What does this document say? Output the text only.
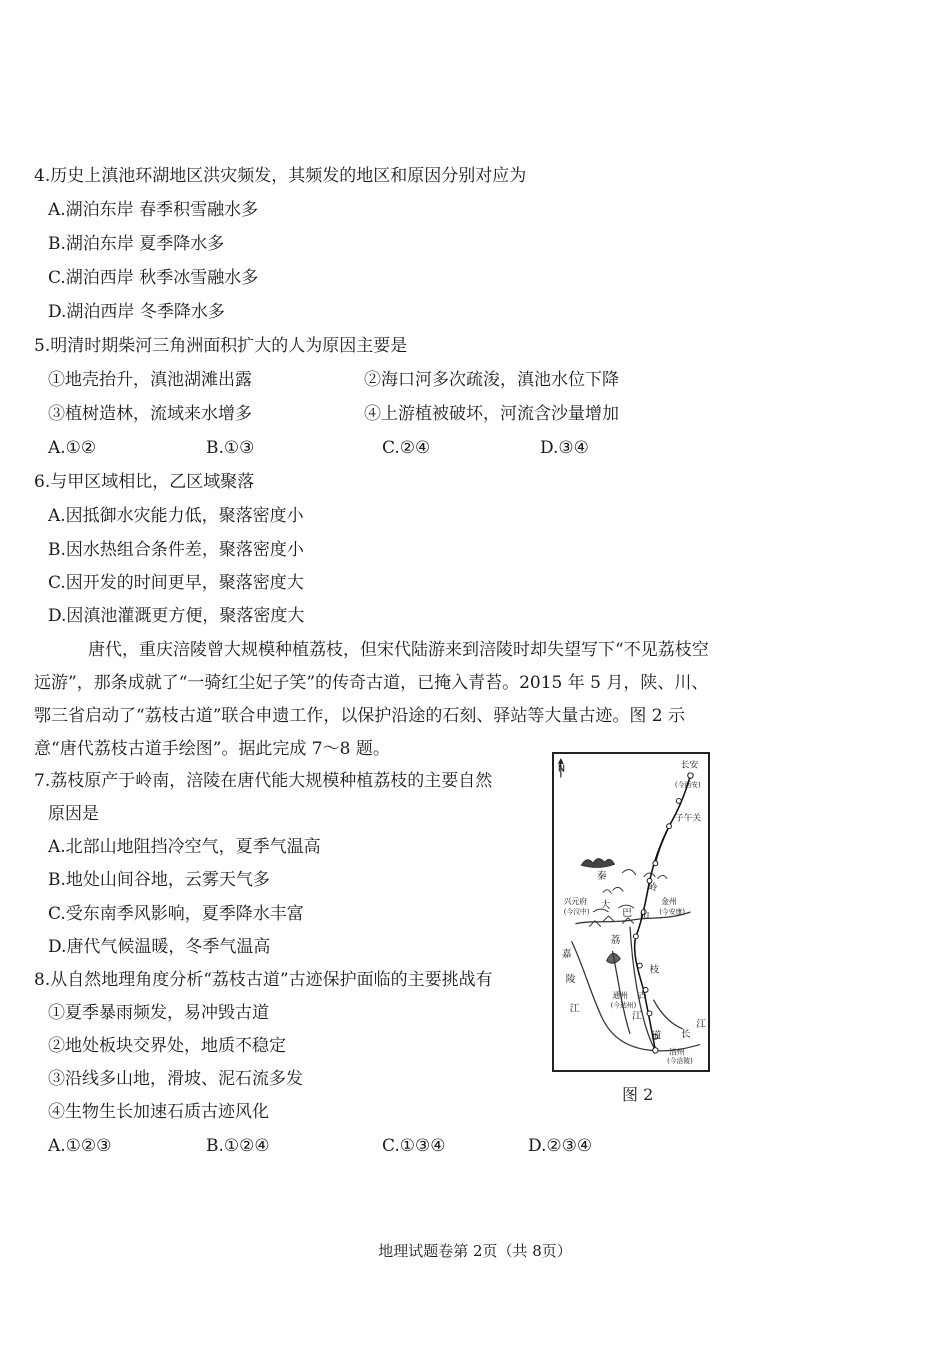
4.历史上滇池环湖地区洪灾频发，其频发的地区和原因分别对应为
A.湖泊东岸 春季积雪融水多
B.湖泊东岸 夏季降水多
C.湖泊西岸 秋季冰雪融水多
D.湖泊西岸 冬季降水多
5.明清时期柴河三角洲面积扩大的人为原因主要是
①地壳抬升，滇池湖滩出露	②海口河多次疏浚，滇池水位下降
③植树造林，流域来水增多	④上游植被破坏，河流含沙量增加
A.①②	B.①③	C.②④	D.③④
6.与甲区域相比，乙区域聚落
A.因抵御水灾能力低，聚落密度小
B.因水热组合条件差，聚落密度小
C.因开发的时间更早，聚落密度大
D.因滇池灌溉更方便，聚落密度大
唐代，重庆涪陵曾大规模种植荔枝，但宋代陆游来到涪陵时却失望写下“不见荔枝空
远游”，那条成就了“一骑红尘妃子笑”的传奇古道，已掩入青苔。2015 年 5 月，陕、川、
鄂三省启动了“荔枝古道”联合申遗工作，以保护沿途的石刻、驿站等大量古迹。图 2 示
意“唐代荔枝古道手绘图”。据此完成 7～8 题。
7.荔枝原产于岭南，涪陵在唐代能大规模种植荔枝的主要自然
原因是
A.北部山地阻挡冷空气，夏季气温高
B.地处山间谷地，云雾天气多
C.受东南季风影响，夏季降水丰富
D.唐代气候温暖，冬季气温高
8.从自然地理角度分析“荔枝古道”古迹保护面临的主要挑战有
①夏季暴雨频发，易冲毁古道
②地处板块交界处，地质不稳定
③沿线多山地，滑坡、泥石流多发
④生物生长加速石质古迹风化
A.①②③	B.①②④	C.①③④	D.②③④
N	长安
(今西安)
子午关
秦
岭
兴元府
(今汉中)
大
巴 山
金州
(今安康)
嘉
陵
江
枝
通州
(今达州)
古
江
道
涪州
(今涪陵)
长
江
荔
图 2
地理试题卷第 2页（共 8页）
